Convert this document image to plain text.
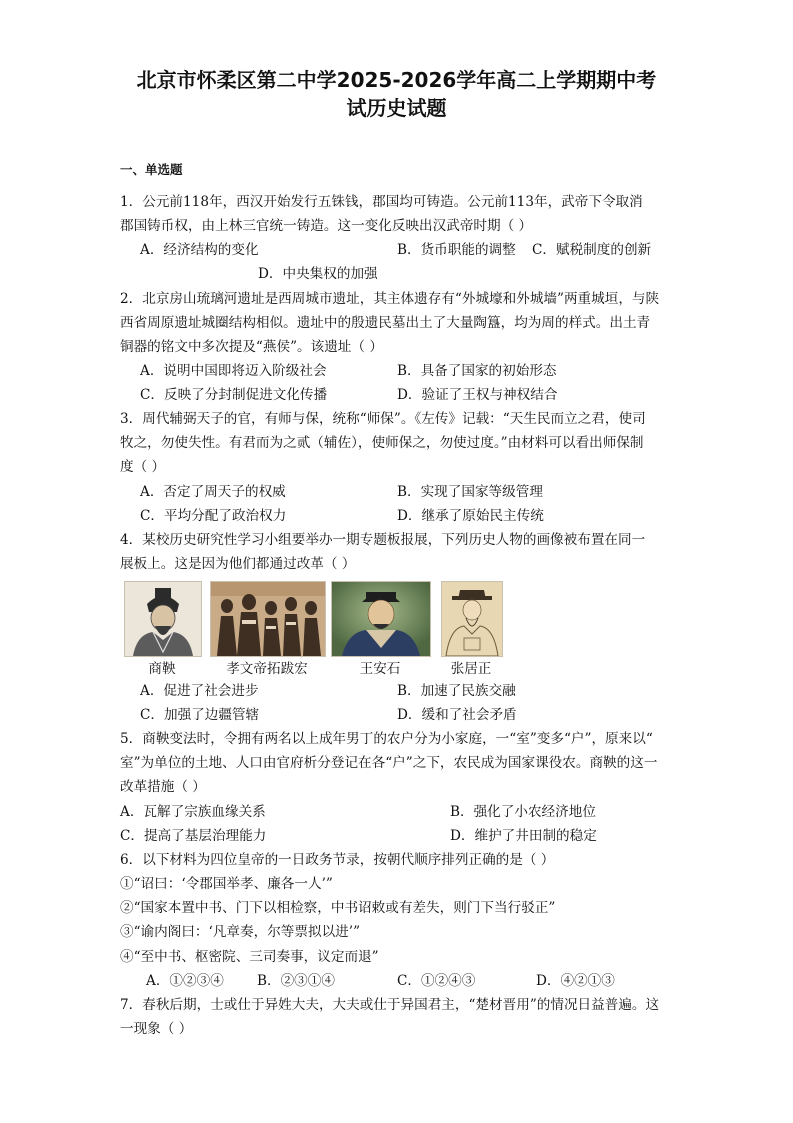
北京市怀柔区第二中学2025-2026学年高二上学期期中考
试历史试题
一、单选题
1．公元前118年，西汉开始发行五铢钱，郡国均可铸造。公元前113年，武帝下令取消
郡国铸币权，由上林三官统一铸造。这一变化反映出汉武帝时期（ ）
A．经济结构的变化	B．货币职能的调整 C．赋税制度的创新
D．中央集权的加强
2．北京房山琉璃河遗址是西周城市遗址，其主体遗存有“外城壕和外城墙”两重城垣，与陕
西省周原遗址城圈结构相似。遗址中的殷遗民墓出土了大量陶簋，均为周的样式。出土青
铜器的铭文中多次提及“燕侯”。该遗址（ ）
A．说明中国即将迈入阶级社会	B．具备了国家的初始形态
C．反映了分封制促进文化传播	D．验证了王权与神权结合
3．周代辅弼天子的官，有师与保，统称“师保”。《左传》记载：“天生民而立之君，使司
牧之，勿使失性。有君而为之贰（辅佐），使师保之，勿使过度。”由材料可以看出师保制
度（ ）
A．否定了周天子的权威	B．实现了国家等级管理
C．平均分配了政治权力	D．继承了原始民主传统
4．某校历史研究性学习小组要举办一期专题板报展，下列历史人物的画像被布置在同一
展板上。这是因为他们都通过改革（ ）
商鞅	孝文帝拓跋宏	王安石	张居正
A．促进了社会进步	B．加速了民族交融
C．加强了边疆管辖	D．缓和了社会矛盾
5．商鞅变法时，令拥有两名以上成年男丁的农户分为小家庭，一“室”变多“户”，原来以“
室”为单位的土地、人口由官府析分登记在各“户”之下，农民成为国家课役农。商鞅的这一
改革措施（ ）
A．瓦解了宗族血缘关系	B．强化了小农经济地位
C．提高了基层治理能力	D．维护了井田制的稳定
6．以下材料为四位皇帝的一日政务节录，按朝代顺序排列正确的是（ ）
①“诏曰：‘令郡国举孝、廉各一人’”
②“国家本置中书、门下以相检察，中书诏敕或有差失，则门下当行驳正”
③“谕内阁曰：‘凡章奏，尔等票拟以进’”
④“至中书、枢密院、三司奏事，议定而退”
A．①②③④ B．②③①④	C．①②④③	D．④②①③
7．春秋后期，士或仕于异姓大夫，大夫或仕于异国君主，“楚材晋用”的情况日益普遍。这
一现象（ ）
